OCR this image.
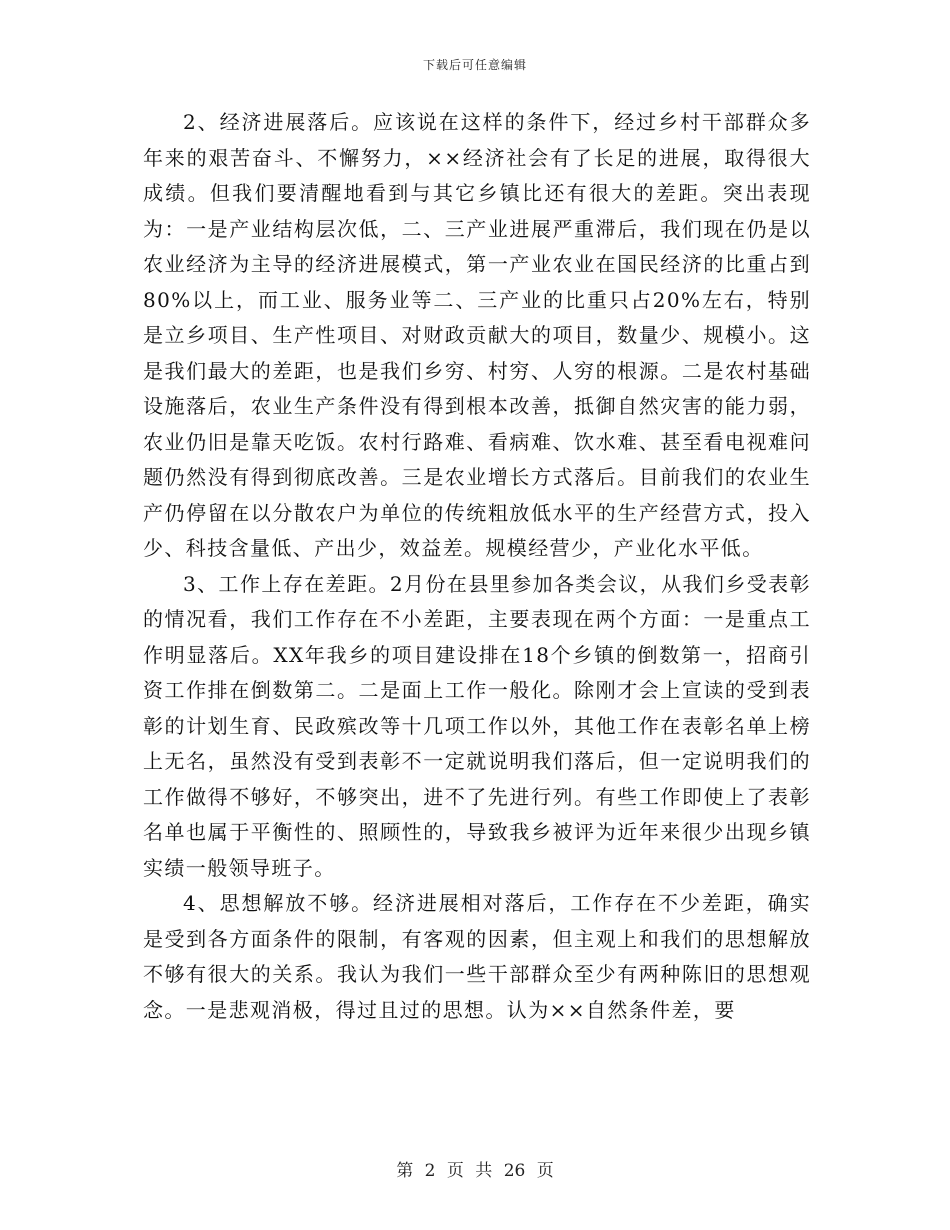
下载后可任意编辑

2、经济进展落后。应该说在这样的条件下，经过乡村干部群众多年来的艰苦奋斗、不懈努力，××经济社会有了长足的进展，取得很大成绩。但我们要清醒地看到与其它乡镇比还有很大的差距。突出表现为：一是产业结构层次低，二、三产业进展严重滞后，我们现在仍是以农业经济为主导的经济进展模式，第一产业农业在国民经济的比重占到80%以上，而工业、服务业等二、三产业的比重只占20%左右，特别是立乡项目、生产性项目、对财政贡献大的项目，数量少、规模小。这是我们最大的差距，也是我们乡穷、村穷、人穷的根源。二是农村基础设施落后，农业生产条件没有得到根本改善，抵御自然灾害的能力弱，农业仍旧是靠天吃饭。农村行路难、看病难、饮水难、甚至看电视难问题仍然没有得到彻底改善。三是农业增长方式落后。目前我们的农业生产仍停留在以分散农户为单位的传统粗放低水平的生产经营方式，投入少、科技含量低、产出少，效益差。规模经营少，产业化水平低。

3、工作上存在差距。2月份在县里参加各类会议，从我们乡受表彰的情况看，我们工作存在不小差距，主要表现在两个方面：一是重点工作明显落后。XX年我乡的项目建设排在18个乡镇的倒数第一，招商引资工作排在倒数第二。二是面上工作一般化。除刚才会上宣读的受到表彰的计划生育、民政殡改等十几项工作以外，其他工作在表彰名单上榜上无名，虽然没有受到表彰不一定就说明我们落后，但一定说明我们的工作做得不够好，不够突出，进不了先进行列。有些工作即使上了表彰名单也属于平衡性的、照顾性的，导致我乡被评为近年来很少出现乡镇实绩一般领导班子。

4、思想解放不够。经济进展相对落后，工作存在不少差距，确实是受到各方面条件的限制，有客观的因素，但主观上和我们的思想解放不够有很大的关系。我认为我们一些干部群众至少有两种陈旧的思想观念。一是悲观消极，得过且过的思想。认为××自然条件差，要

第 2 页 共 26 页
